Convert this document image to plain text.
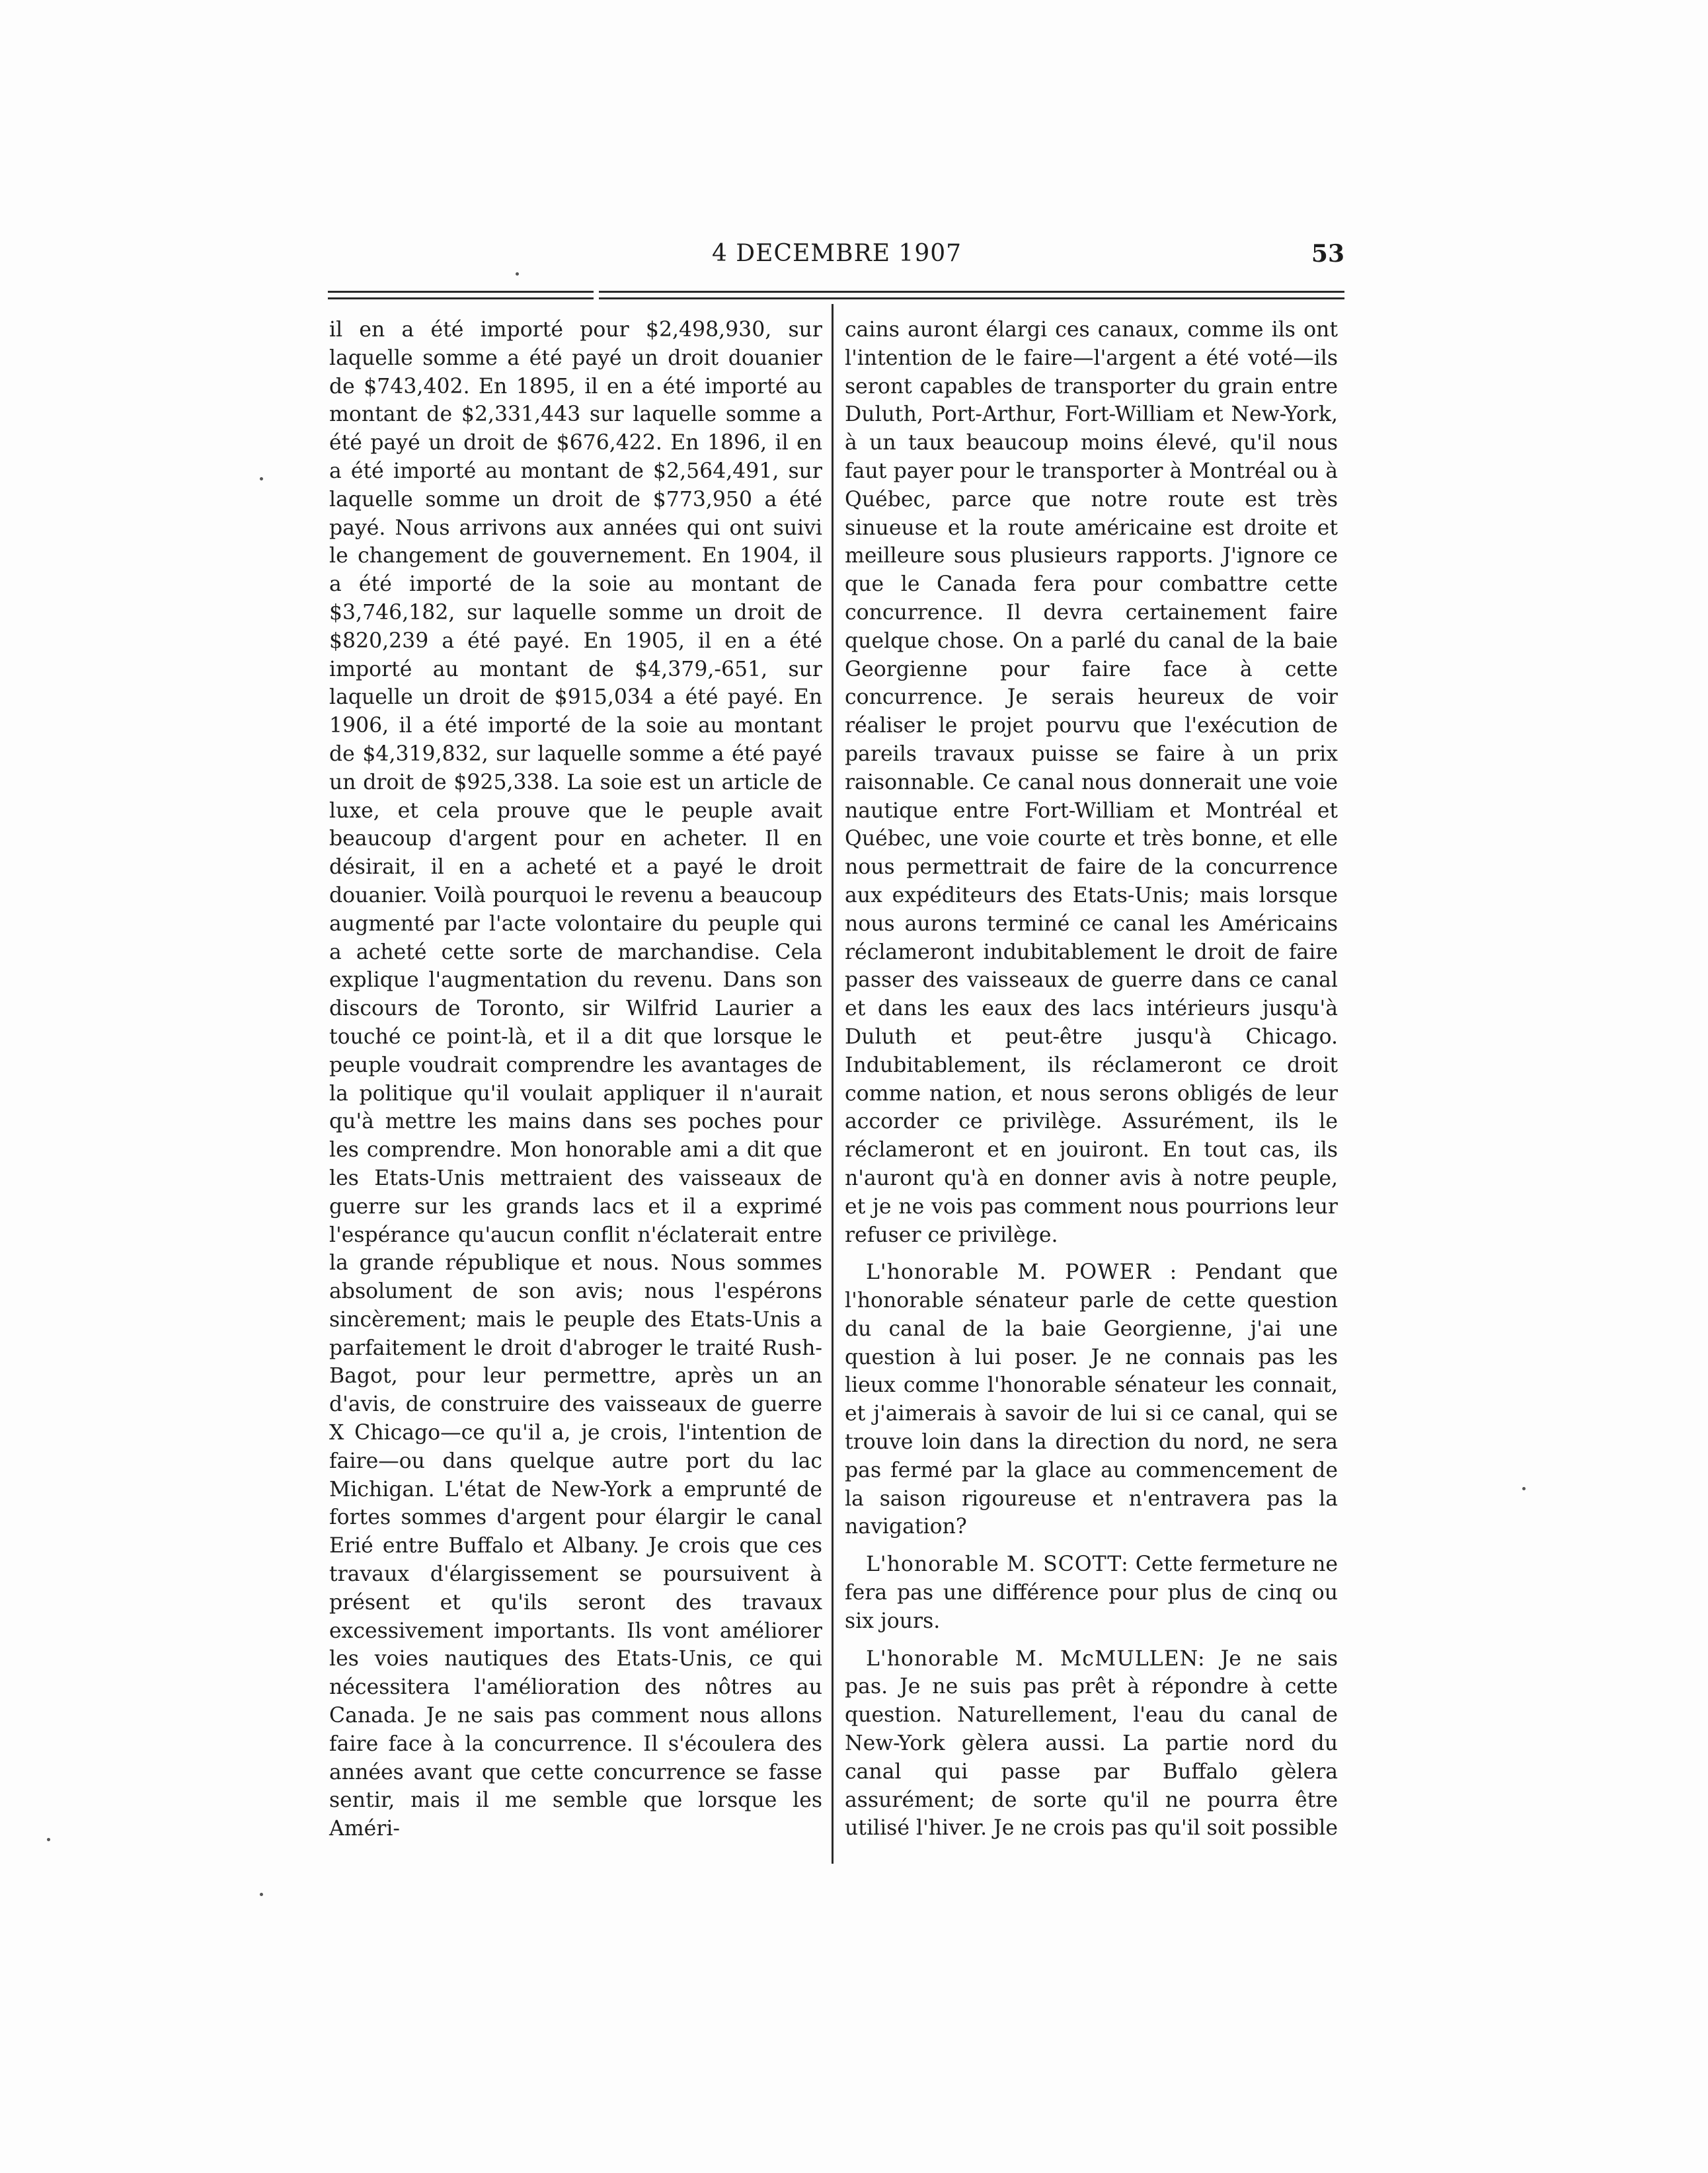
4 DECEMBRE 1907	53

il en a été importé pour $2,498,930, sur laquelle somme a été payé un droit douanier de $743,402. En 1895, il en a été importé au montant de $2,331,443 sur laquelle somme a été payé un droit de $676,422. En 1896, il en a été importé au montant de $2,564,491, sur laquelle somme un droit de $773,950 a été payé. Nous arrivons aux années qui ont suivi le changement de gouvernement. En 1904, il a été importé de la soie au montant de $3,746,182, sur laquelle somme un droit de $820,239 a été payé. En 1905, il en a été importé au montant de $4,379,-651, sur laquelle un droit de $915,034 a été payé. En 1906, il a été importé de la soie au montant de $4,319,832, sur laquelle somme a été payé un droit de $925,338. La soie est un article de luxe, et cela prouve que le peuple avait beaucoup d'argent pour en acheter. Il en désirait, il en a acheté et a payé le droit douanier. Voilà pourquoi le revenu a beaucoup augmenté par l'acte volontaire du peuple qui a acheté cette sorte de marchandise. Cela explique l'augmentation du revenu. Dans son discours de Toronto, sir Wilfrid Laurier a touché ce point-là, et il a dit que lorsque le peuple voudrait comprendre les avantages de la politique qu'il voulait appliquer il n'aurait qu'à mettre les mains dans ses poches pour les comprendre. Mon honorable ami a dit que les Etats-Unis mettraient des vaisseaux de guerre sur les grands lacs et il a exprimé l'espérance qu'aucun conflit n'éclaterait entre la grande république et nous. Nous sommes absolument de son avis; nous l'espérons sincèrement; mais le peuple des Etats-Unis a parfaitement le droit d'abroger le traité Rush-Bagot, pour leur permettre, après un an d'avis, de construire des vaisseaux de guerre X Chicago—ce qu'il a, je crois, l'intention de faire—ou dans quelque autre port du lac Michigan. L'état de New-York a emprunté de fortes sommes d'argent pour élargir le canal Erié entre Buffalo et Albany. Je crois que ces travaux d'élargissement se poursuivent à présent et qu'ils seront des travaux excessivement importants. Ils vont améliorer les voies nautiques des Etats-Unis, ce qui nécessitera l'amélioration des nôtres au Canada. Je ne sais pas comment nous allons faire face à la concurrence. Il s'écoulera des années avant que cette concurrence se fasse sentir, mais il me semble que lorsque les Améri-

cains auront élargi ces canaux, comme ils ont l'intention de le faire—l'argent a été voté—ils seront capables de transporter du grain entre Duluth, Port-Arthur, Fort-William et New-York, à un taux beaucoup moins élevé, qu'il nous faut payer pour le transporter à Montréal ou à Québec, parce que notre route est très sinueuse et la route américaine est droite et meilleure sous plusieurs rapports. J'ignore ce que le Canada fera pour combattre cette concurrence. Il devra certainement faire quelque chose. On a parlé du canal de la baie Georgienne pour faire face à cette concurrence. Je serais heureux de voir réaliser le projet pourvu que l'exécution de pareils travaux puisse se faire à un prix raisonnable. Ce canal nous donnerait une voie nautique entre Fort-William et Montréal et Québec, une voie courte et très bonne, et elle nous permettrait de faire de la concurrence aux expéditeurs des Etats-Unis; mais lorsque nous aurons terminé ce canal les Américains réclameront indubitablement le droit de faire passer des vaisseaux de guerre dans ce canal et dans les eaux des lacs intérieurs jusqu'à Duluth et peut-être jusqu'à Chicago. Indubitablement, ils réclameront ce droit comme nation, et nous serons obligés de leur accorder ce privilège. Assurément, ils le réclameront et en jouiront. En tout cas, ils n'auront qu'à en donner avis à notre peuple, et je ne vois pas comment nous pourrions leur refuser ce privilège.

L'honorable M. POWER : Pendant que l'honorable sénateur parle de cette question du canal de la baie Georgienne, j'ai une question à lui poser. Je ne connais pas les lieux comme l'honorable sénateur les connait, et j'aimerais à savoir de lui si ce canal, qui se trouve loin dans la direction du nord, ne sera pas fermé par la glace au commencement de la saison rigoureuse et n'entravera pas la navigation?

L'honorable M. SCOTT: Cette fermeture ne fera pas une différence pour plus de cinq ou six jours.

L'honorable M. McMULLEN: Je ne sais pas. Je ne suis pas prêt à répondre à cette question. Naturellement, l'eau du canal de New-York gèlera aussi. La partie nord du canal qui passe par Buffalo gèlera assurément; de sorte qu'il ne pourra être utilisé l'hiver. Je ne crois pas qu'il soit possible
